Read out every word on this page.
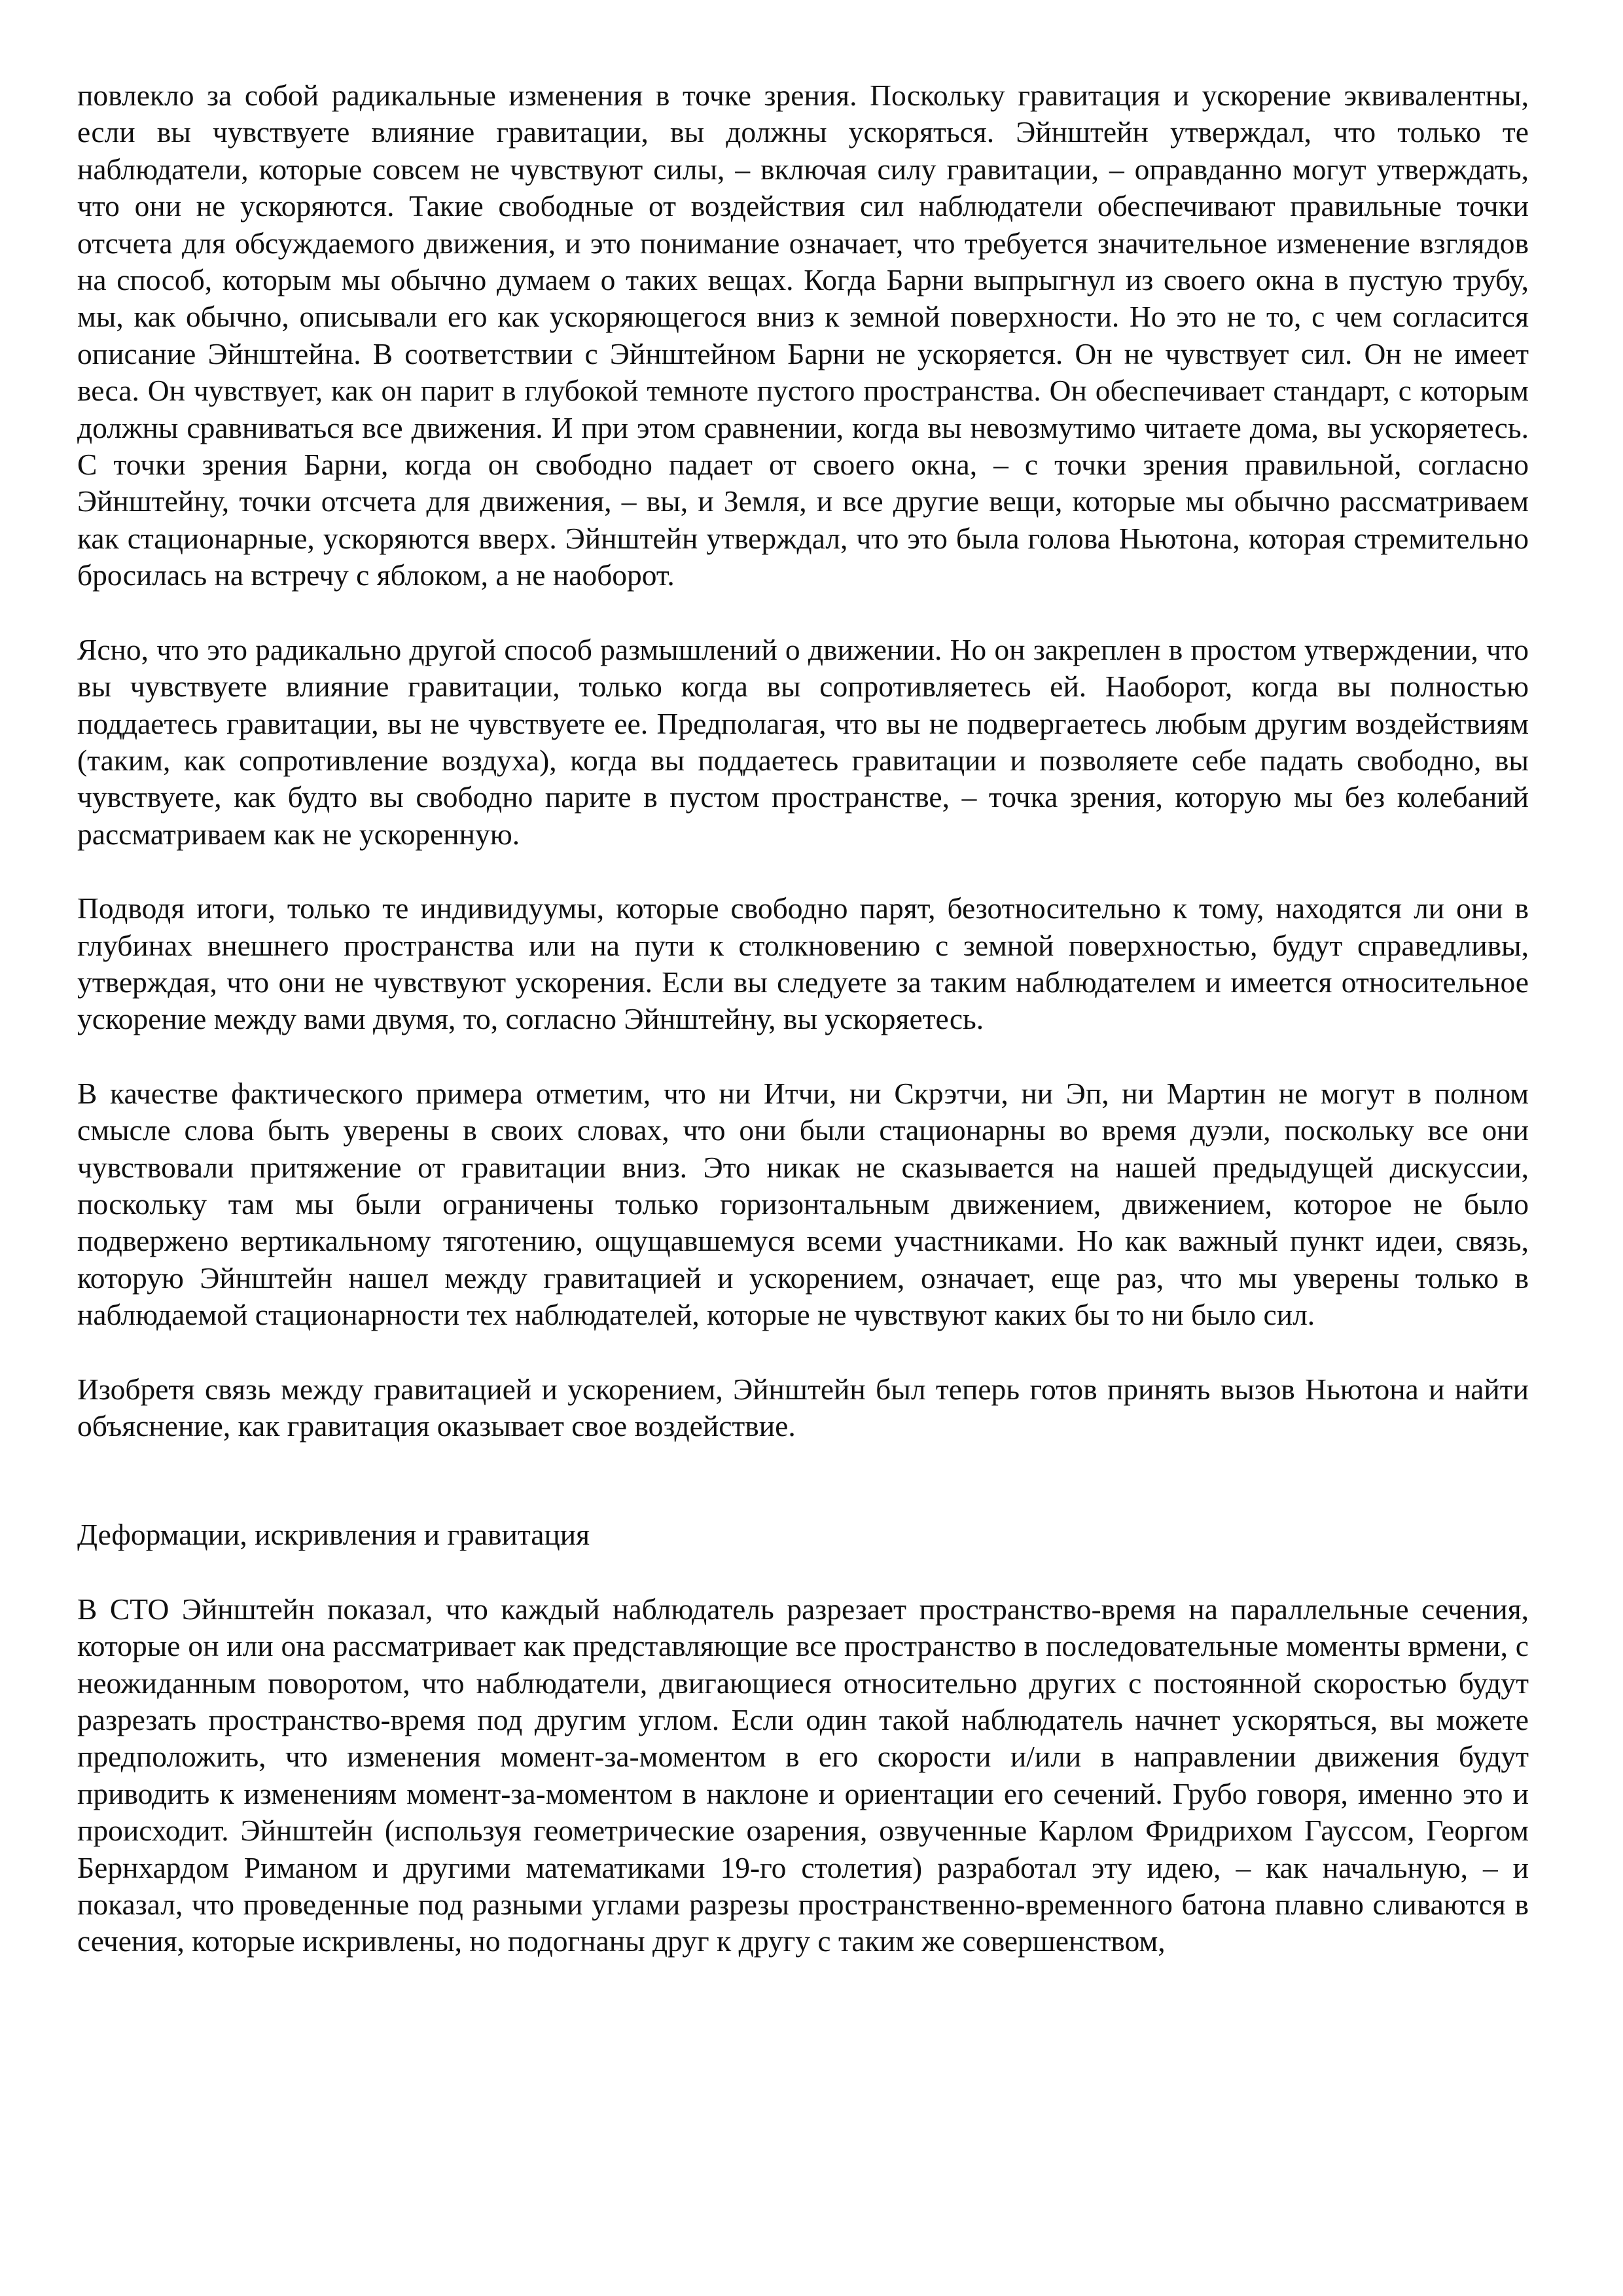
повлекло за собой радикальные изменения в точке зрения. Поскольку гравитация и ускорение эквивалентны, если вы чувствуете влияние гравитации, вы должны ускоряться. Эйнштейн утверждал, что только те наблюдатели, которые совсем не чувствуют силы, – включая силу гравитации, – оправданно могут утверждать, что они не ускоряются. Такие свободные от воздействия сил наблюдатели обеспечивают правильные точки отсчета для обсуждаемого движения, и это понимание означает, что требуется значительное изменение взглядов на способ, которым мы обычно думаем о таких вещах. Когда Барни выпрыгнул из своего окна в пустую трубу, мы, как обычно, описывали его как ускоряющегося вниз к земной поверхности. Но это не то, с чем согласится описание Эйнштейна. В соответствии с Эйнштейном Барни не ускоряется. Он не чувствует сил. Он не имеет веса. Он чувствует, как он парит в глубокой темноте пустого пространства. Он обеспечивает стандарт, с которым должны сравниваться все движения. И при этом сравнении, когда вы невозмутимо читаете дома, вы ускоряетесь. С точки зрения Барни, когда он свободно падает от своего окна, – с точки зрения правильной, согласно Эйнштейну, точки отсчета для движения, – вы, и Земля, и все другие вещи, которые мы обычно рассматриваем как стационарные, ускоряются вверх. Эйнштейн утверждал, что это была голова Ньютона, которая стремительно бросилась на встречу с яблоком, а не наоборот.

Ясно, что это радикально другой способ размышлений о движении. Но он закреплен в простом утверждении, что вы чувствуете влияние гравитации, только когда вы сопротивляетесь ей. Наоборот, когда вы полностью поддаетесь гравитации, вы не чувствуете ее. Предполагая, что вы не подвергаетесь любым другим воздействиям (таким, как сопротивление воздуха), когда вы поддаетесь гравитации и позволяете себе падать свободно, вы чувствуете, как будто вы свободно парите в пустом пространстве, – точка зрения, которую мы без колебаний рассматриваем как не ускоренную.

Подводя итоги, только те индивидуумы, которые свободно парят, безотносительно к тому, находятся ли они в глубинах внешнего пространства или на пути к столкновению с земной поверхностью, будут справедливы, утверждая, что они не чувствуют ускорения. Если вы следуете за таким наблюдателем и имеется относительное ускорение между вами двумя, то, согласно Эйнштейну, вы ускоряетесь.

В качестве фактического примера отметим, что ни Итчи, ни Скрэтчи, ни Эп, ни Мартин не могут в полном смысле слова быть уверены в своих словах, что они были стационарны во время дуэли, поскольку все они чувствовали притяжение от гравитации вниз. Это никак не сказывается на нашей предыдущей дискуссии, поскольку там мы были ограничены только горизонтальным движением, движением, которое не было подвержено вертикальному тяготению, ощущавшемуся всеми участниками. Но как важный пункт идеи, связь, которую Эйнштейн нашел между гравитацией и ускорением, означает, еще раз, что мы уверены только в наблюдаемой стационарности тех наблюдателей, которые не чувствуют каких бы то ни было сил.

Изобретя связь между гравитацией и ускорением, Эйнштейн был теперь готов принять вызов Ньютона и найти объяснение, как гравитация оказывает свое воздействие.

Деформации, искривления и гравитация

В СТО Эйнштейн показал, что каждый наблюдатель разрезает пространство-время на параллельные сечения, которые он или она рассматривает как представляющие все пространство в последовательные моменты врмени, с неожиданным поворотом, что наблюдатели, двигающиеся относительно других с постоянной скоростью будут разрезать пространство-время под другим углом. Если один такой наблюдатель начнет ускоряться, вы можете предположить, что изменения момент-за-моментом в его скорости и/или в направлении движения будут приводить к изменениям момент-за-моментом в наклоне и ориентации его сечений. Грубо говоря, именно это и происходит. Эйнштейн (используя геометрические озарения, озвученные Карлом Фридрихом Гауссом, Георгом Бернхардом Риманом и другими математиками 19-го столетия) разработал эту идею, – как начальную, – и показал, что проведенные под разными углами разрезы пространственно-временного батона плавно сливаются в сечения, которые искривлены, но подогнаны друг к другу с таким же совершенством,
